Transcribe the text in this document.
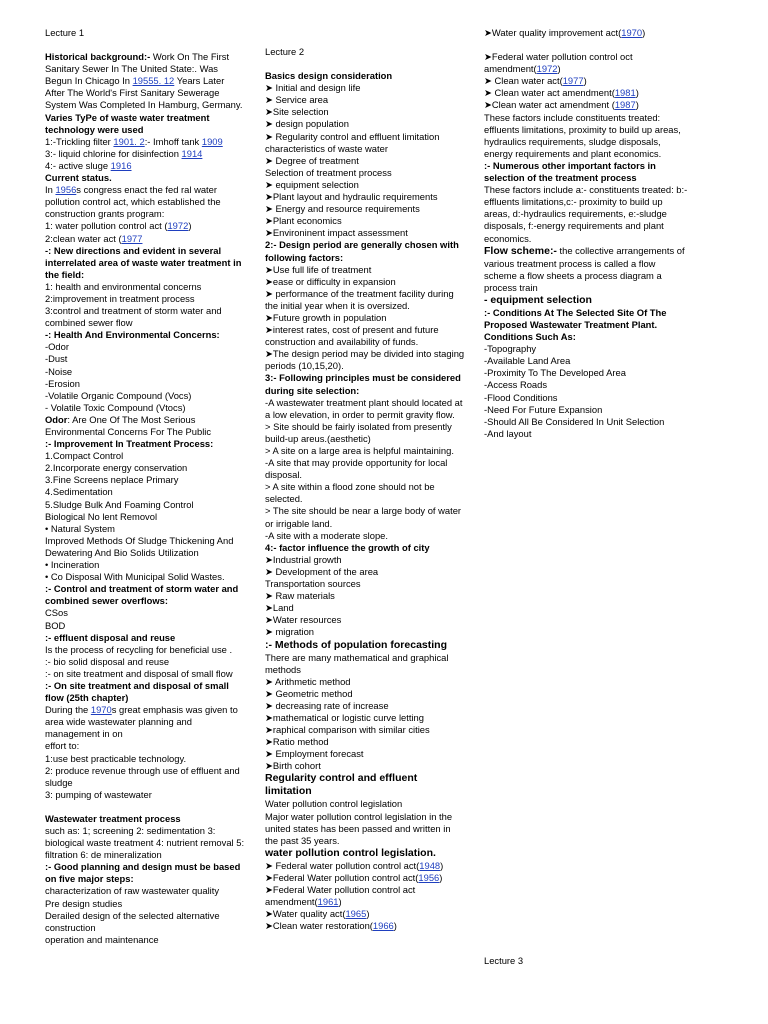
Lecture 1
Historical background:- Work On The First Sanitary Sewer In The United State:. Was Begun In Chicago In 19555. 12 Years Later After The World's First Sanitary Sewerage System Was Completed In Hamburg, Germany.
Varies TyPe of waste water treatment technology were used
1:-Trickling filter 1901. 2:- Imhoff tank 1909
3:- liquid chlorine for disinfection 1914
4:- active sluge 1916
Current status.
In 1956s congress enact the fed ral water pollution control act, which established the construction grants program:
1: water pollution control act (1972)
2:clean water act (1977
-: New directions and evident in several interrelated area of waste water treatment in the field:
1: health and environmental concerns
2:improvement in treatment process
3:control and treatment of storm water and combined sewer flow
-: Health And Environmental Concerns:
-Odor
-Dust
-Noise
-Erosion
-Volatile Organic Compound (Vocs)
- Volatile Toxic Compound (Vtocs)
Odor: Are One Of The Most Serious Environmental Concerns For The Public
:- Improvement In Treatment Process:
1.Compact Control
2.Incorporate energy conservation
3.Fine Screens neplace Primary
4.Sedimentation
5.Sludge Bulk And Foaming Control
Biological No lent Removol
• Natural System
Improved Methods Of Sludge Thickening And Dewatering And Bio Solids Utilization
• Incineration
• Co Disposal With Municipal Solid Wastes.
:- Control and treatment of storm water and combined sewer overflows:
CSos
BOD
:- effluent disposal and reuse
Is the process of recycling for beneficial use .
:- bio solid disposal and reuse
:- on site treatment and disposal of small flow
:- On site treatment and disposal of small flow (25th chapter)
During the 1970s great emphasis was given to area wide wastewater planning and management in on
effort to:
1:use best practicable technology.
2: produce revenue through use of effluent and sludge
3: pumping of wastewater
Wastewater treatment process
such as: 1; screening 2: sedimentation 3: biological waste treatment 4: nutrient removal 5: filtration 6: de mineralization
:- Good planning and design must be based on five major steps:
characterization of raw wastewater quality
Pre design studies
Derailed design of the selected alternative construction
operation and maintenance
Lecture 2
Basics design consideration
➤ Initial and design life
➤ Service area
➤Site selection
➤ design population
➤ Regularity control and effluent limitation characteristics of waste water
➤ Degree of treatment
Selection of treatment process
➤ equipment selection
➤Plant layout and hydraulic requirements
➤ Energy and resource requirements
➤Plant economics
➤Environinent impact assessment
2:- Design period are generally chosen with following factors:
➤Use full life of treatment
➤ease or difficulty in expansion
➤ performance of the treatment facility during the initial year when it is oversized.
➤Future growth in population
➤interest rates, cost of present and future construction and availability of funds.
➤The design period may be divided into staging periods (10,15,20).
3:- Following principles must be considered during site selection:
-A wastewater treatment plant should located at a low elevation, in order to permit gravity flow.
> Site should be fairly isolated from presently build-up areus.(aesthetic)
> A site on a large area is helpful maintaining.
-A site that may provide opportunity for local disposal.
> A site within a flood zone should not be selected.
> The site should be near a large body of water or irrigable land.
-A site with a moderate slope.
4:- factor influence the growth of city
➤Industrial growth
➤ Development of the area
Transportation sources
➤ Raw materials
➤Land
➤Water resources
➤ migration
:- Methods of population forecasting
There are many mathematical and graphical methods
➤ Arithmetic method
➤ Geometric method
➤ decreasing rate of increase
➤mathematical or logistic curve letting
➤raphical comparison with similar cities
➤Ratio method
➤ Employment forecast
➤Birth cohort
Regularity control and effluent limitation
Water pollution control legislation
Major water pollution control legislation in the united states has been passed and written in the past 35 years.
water pollution control legislation.
➤ Federal water pollution control act(1948)
➤Federal Water pollution control act(1956)
➤Federal Water pollution control act amendment(1961)
➤Water quality act(1965)
➤Clean water restoration(1966)
➤Water quality improvement act(1970)
➤Federal water pollution control oct amendment(1972)
➤ Clean water act(1977)
➤ Clean water act amendment(1981)
➤Clean water act amendment (1987)
These factors include constituents treated: effluents limitations, proximity to build up areas, hydraulics requirements, sludge disposals, energy requirements and plant economics.
:- Numerous other important factors in selection of the treatment process
These factors include a:- constituents treated: b:-effluents limitations,c:- proximity to build up areas, d:-hydraulics requirements, e:-sludge disposals, f:-energy requirements and plant economics.
Flow scheme:- the collective arrangements of various treatment process is called a flow scheme a flow sheets a process diagram a process train
- equipment selection
:- Conditions At The Selected Site Of The Proposed Wastewater Treatment Plant. Conditions Such As:
-Topography
-Available Land Area
-Proximity To The Developed Area
-Access Roads
-Flood Conditions
-Need For Future Expansion
-Should All Be Considered In Unit Selection
-And layout
Lecture 3
